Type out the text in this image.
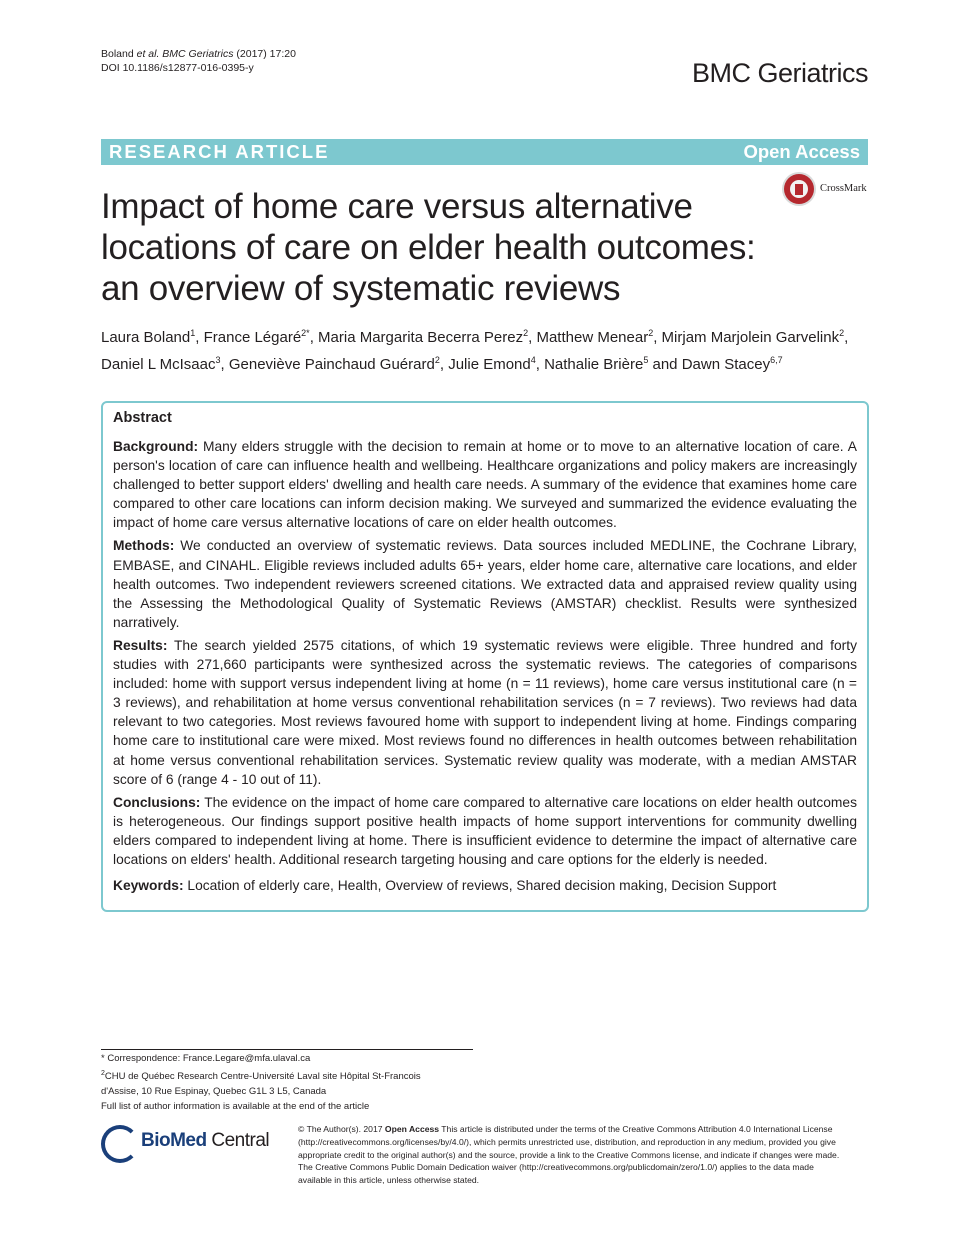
Boland et al. BMC Geriatrics (2017) 17:20
DOI 10.1186/s12877-016-0395-y	BMC Geriatrics
RESEARCH ARTICLE	Open Access
CrossMark
Impact of home care versus alternative
locations of care on elder health outcomes:
an overview of systematic reviews
Laura Boland$^1$, France Légaré$^{2*}$, Maria Margarita Becerra Perez$^2$, Matthew Menear$^2$, Mirjam Marjolein Garvelink$^2$,
Daniel L McIsaac$^3$, Geneviève Painchaud Guérard$^2$, Julie Emond$^4$, Nathalie Brière$^5$ and Dawn Stacey$^{6,7}$
Abstract

Background: Many elders struggle with the decision to remain at home or to move to an alternative location of care. A person's location of care can influence health and wellbeing. Healthcare organizations and policy makers are increasingly challenged to better support elders' dwelling and health care needs. A summary of the evidence that examines home care compared to other care locations can inform decision making. We surveyed and summarized the evidence evaluating the impact of home care versus alternative locations of care on elder health outcomes.

Methods: We conducted an overview of systematic reviews. Data sources included MEDLINE, the Cochrane Library, EMBASE, and CINAHL. Eligible reviews included adults 65+ years, elder home care, alternative care locations, and elder health outcomes. Two independent reviewers screened citations. We extracted data and appraised review quality using the Assessing the Methodological Quality of Systematic Reviews (AMSTAR) checklist. Results were synthesized narratively.

Results: The search yielded 2575 citations, of which 19 systematic reviews were eligible. Three hundred and forty studies with 271,660 participants were synthesized across the systematic reviews. The categories of comparisons included: home with support versus independent living at home (n = 11 reviews), home care versus institutional care (n = 3 reviews), and rehabilitation at home versus conventional rehabilitation services (n = 7 reviews). Two reviews had data relevant to two categories. Most reviews favoured home with support to independent living at home. Findings comparing home care to institutional care were mixed. Most reviews found no differences in health outcomes between rehabilitation at home versus conventional rehabilitation services. Systematic review quality was moderate, with a median AMSTAR score of 6 (range 4 - 10 out of 11).

Conclusions: The evidence on the impact of home care compared to alternative care locations on elder health outcomes is heterogeneous. Our findings support positive health impacts of home support interventions for community dwelling elders compared to independent living at home. There is insufficient evidence to determine the impact of alternative care locations on elders' health. Additional research targeting housing and care options for the elderly is needed.

Keywords: Location of elderly care, Health, Overview of reviews, Shared decision making, Decision Support

* Correspondence: France.Legare@mfa.ulaval.ca
$^2$CHU de Québec Research Centre-Université Laval site Hôpital St-Francois
d'Assise, 10 Rue Espinay, Quebec G1L 3 L5, Canada
Full list of author information is available at the end of the article
BioMed Central
© The Author(s). 2017 Open Access This article is distributed under the terms of the Creative Commons Attribution 4.0 International License (http://creativecommons.org/licenses/by/4.0/), which permits unrestricted use, distribution, and reproduction in any medium, provided you give appropriate credit to the original author(s) and the source, provide a link to the Creative Commons license, and indicate if changes were made. The Creative Commons Public Domain Dedication waiver (http://creativecommons.org/publicdomain/zero/1.0/) applies to the data made available in this article, unless otherwise stated.
